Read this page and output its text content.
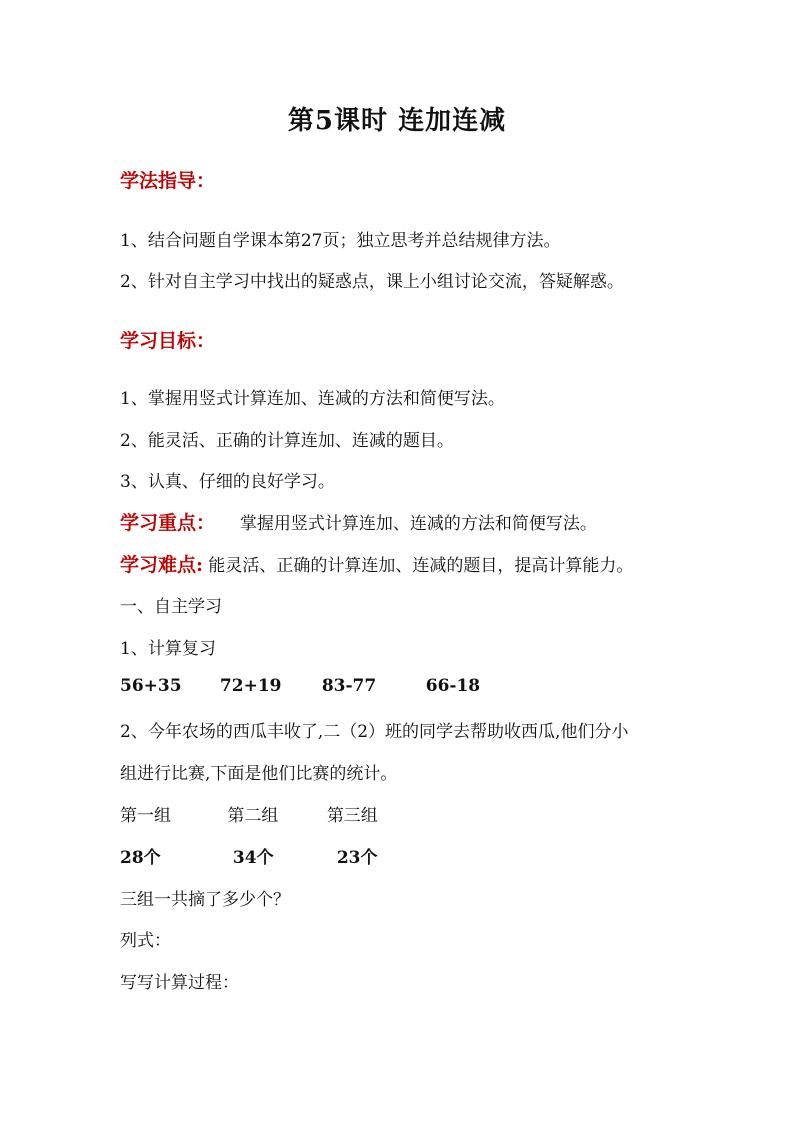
第5课时 连加连减
学法指导：
1、结合问题自学课本第27页；独立思考并总结规律方法。
2、针对自主学习中找出的疑惑点，课上小组讨论交流，答疑解惑。
学习目标：
1、掌握用竖式计算连加、连减的方法和简便写法。
2、能灵活、正确的计算连加、连减的题目。
3、认真、仔细的良好学习。
学习重点： 掌握用竖式计算连加、连减的方法和简便写法。
学习难点: 能灵活、正确的计算连加、连减的题目，提高计算能力。
一、自主学习
1、计算复习
56+35 72+19 83-77	66-18
2、今年农场的西瓜丰收了,二（2）班的同学去帮助收西瓜,他们分小
组进行比赛,下面是他们比赛的统计。
第一组	第二组	第三组
28个	34个	23个
三组一共摘了多少个？
列式：
写写计算过程：
